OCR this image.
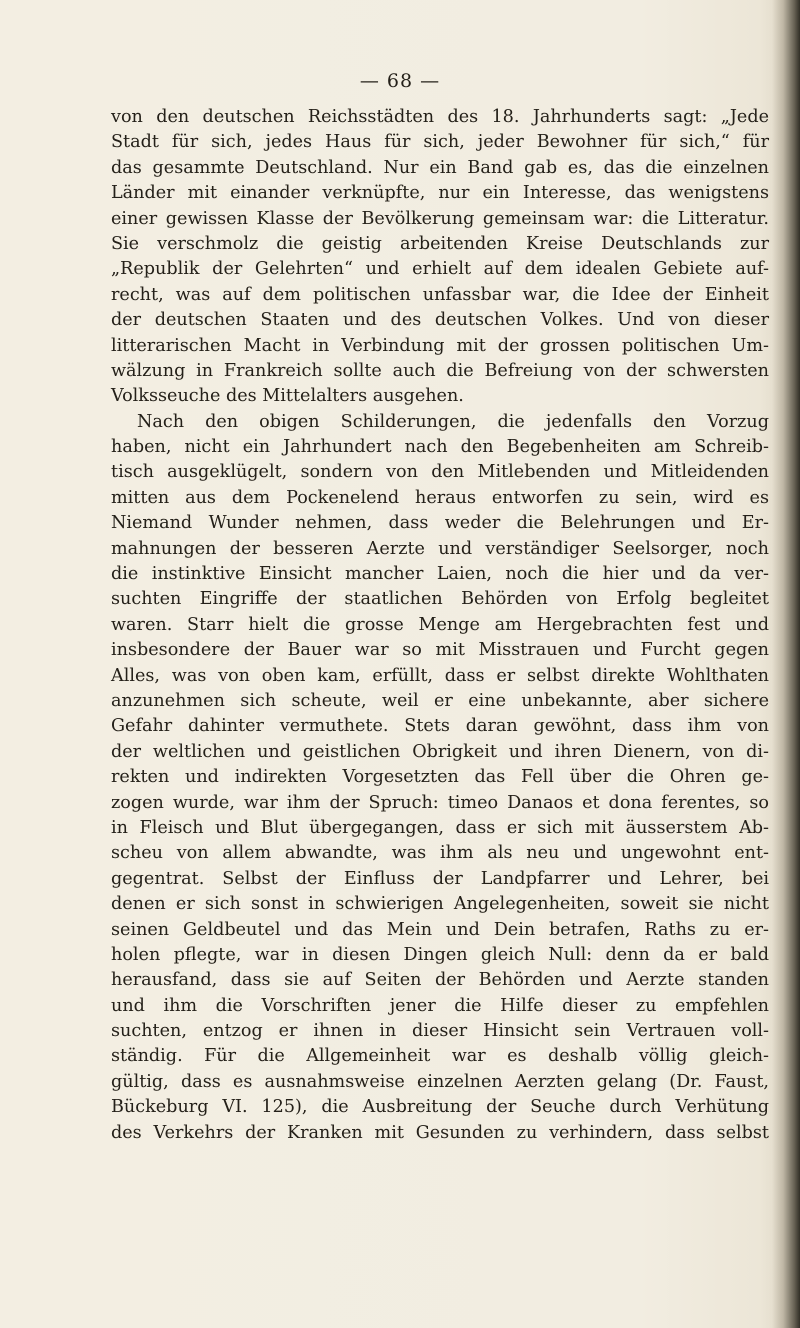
— 68 —
von den deutschen Reichsstädten des 18. Jahrhunderts sagt: „Jede
Stadt für sich, jedes Haus für sich, jeder Bewohner für sich,“ für
das gesammte Deutschland. Nur ein Band gab es, das die einzelnen
Länder mit einander verknüpfte, nur ein Interesse, das wenigstens
einer gewissen Klasse der Bevölkerung gemeinsam war: die Litteratur.
Sie verschmolz die geistig arbeitenden Kreise Deutschlands zur
„Republik der Gelehrten“ und erhielt auf dem idealen Gebiete auf-
recht, was auf dem politischen unfassbar war, die Idee der Einheit
der deutschen Staaten und des deutschen Volkes. Und von dieser
litterarischen Macht in Verbindung mit der grossen politischen Um-
wälzung in Frankreich sollte auch die Befreiung von der schwersten
Volksseuche des Mittelalters ausgehen.
Nach den obigen Schilderungen, die jedenfalls den Vorzug
haben, nicht ein Jahrhundert nach den Begebenheiten am Schreib-
tisch ausgeklügelt, sondern von den Mitlebenden und Mitleidenden
mitten aus dem Pockenelend heraus entworfen zu sein, wird es
Niemand Wunder nehmen, dass weder die Belehrungen und Er-
mahnungen der besseren Aerzte und verständiger Seelsorger, noch
die instinktive Einsicht mancher Laien, noch die hier und da ver-
suchten Eingriffe der staatlichen Behörden von Erfolg begleitet
waren. Starr hielt die grosse Menge am Hergebrachten fest und
insbesondere der Bauer war so mit Misstrauen und Furcht gegen
Alles, was von oben kam, erfüllt, dass er selbst direkte Wohlthaten
anzunehmen sich scheute, weil er eine unbekannte, aber sichere
Gefahr dahinter vermuthete. Stets daran gewöhnt, dass ihm von
der weltlichen und geistlichen Obrigkeit und ihren Dienern, von di-
rekten und indirekten Vorgesetzten das Fell über die Ohren ge-
zogen wurde, war ihm der Spruch: timeo Danaos et dona ferentes, so
in Fleisch und Blut übergegangen, dass er sich mit äusserstem Ab-
scheu von allem abwandte, was ihm als neu und ungewohnt ent-
gegentrat. Selbst der Einfluss der Landpfarrer und Lehrer, bei
denen er sich sonst in schwierigen Angelegenheiten, soweit sie nicht
seinen Geldbeutel und das Mein und Dein betrafen, Raths zu er-
holen pflegte, war in diesen Dingen gleich Null: denn da er bald
herausfand, dass sie auf Seiten der Behörden und Aerzte standen
und ihm die Vorschriften jener die Hilfe dieser zu empfehlen
suchten, entzog er ihnen in dieser Hinsicht sein Vertrauen voll-
ständig. Für die Allgemeinheit war es deshalb völlig gleich-
gültig, dass es ausnahmsweise einzelnen Aerzten gelang (Dr. Faust,
Bückeburg VI. 125), die Ausbreitung der Seuche durch Verhütung
des Verkehrs der Kranken mit Gesunden zu verhindern, dass selbst
